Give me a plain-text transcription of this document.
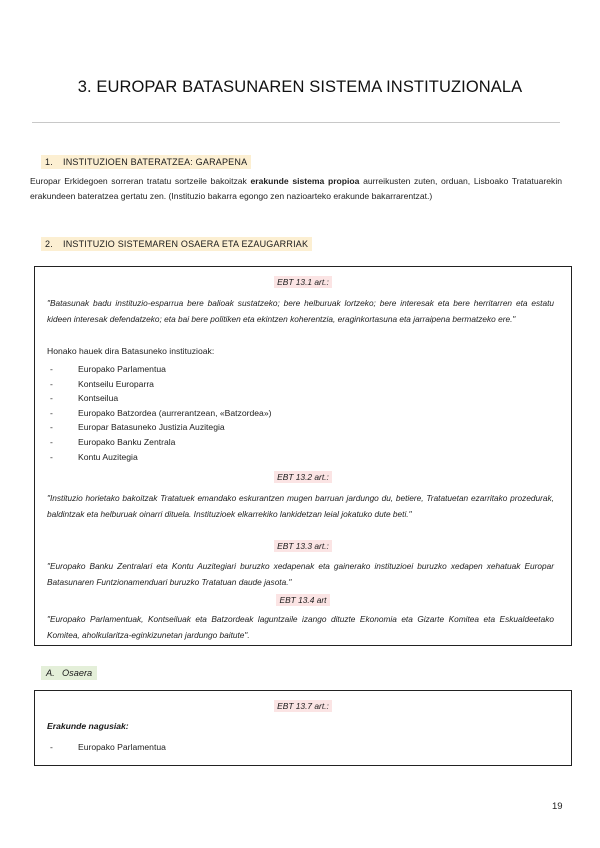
3. EUROPAR BATASUNAREN SISTEMA INSTITUZIONALA
1. INSTITUZIOEN BATERATZEA: GARAPENA
Europar Erkidegoen sorreran tratatu sortzeile bakoitzak erakunde sistema propioa aurreikusten zuten, orduan, Lisboako Tratatuarekin erakundeen bateratzea gertatu zen. (Instituzio bakarra egongo zen nazioarteko erakunde bakarrarentzat.)
2. INSTITUZIO SISTEMAREN OSAERA ETA EZAUGARRIAK
EBT 13.1 art.:
"Batasunak badu instituzio-esparrua bere balioak sustatzeko; bere helburuak lortzeko; bere interesak eta bere herritarren eta estatu kideen interesak defendatzeko; eta bai bere politiken eta ekintzen koherentzia, eraginkortasuna eta jarraipena bermatzeko ere."
Honako hauek dira Batasuneko instituzioak:
-	Europako Parlamentua
-	Kontseilu Europarra
-	Kontseilua
-	Europako Batzordea (aurrerantzean, «Batzordea»)
-	Europar Batasuneko Justizia Auzitegia
-	Europako Banku Zentrala
-	Kontu Auzitegia
EBT 13.2 art.:
"Instituzio horietako bakoitzak Tratatuek emandako eskurantzen mugen barruan jardungo du, betiere, Tratatuetan ezarritako prozedurak, baldintzak eta helburuak oinarri dituela. Instituzioek elkarrekiko lankidetzan leial jokatuko dute beti."
EBT 13.3 art.:
"Europako Banku Zentralari eta Kontu Auzitegiari buruzko xedapenak eta gainerako instituzioei buruzko xedapen xehatuak Europar Batasunaren Funtzionamenduari buruzko Tratatuan daude jasota."
EBT 13.4 art
"Europako Parlamentuak, Kontseiluak eta Batzordeak laguntzaile izango dituzte Ekonomia eta Gizarte Komitea eta Eskualdeetako Komitea, aholkularitza-eginkizunetan jardungo baitute".
A. Osaera
EBT 13.7 art.:
Erakunde nagusiak:
-	Europako Parlamentua
19
